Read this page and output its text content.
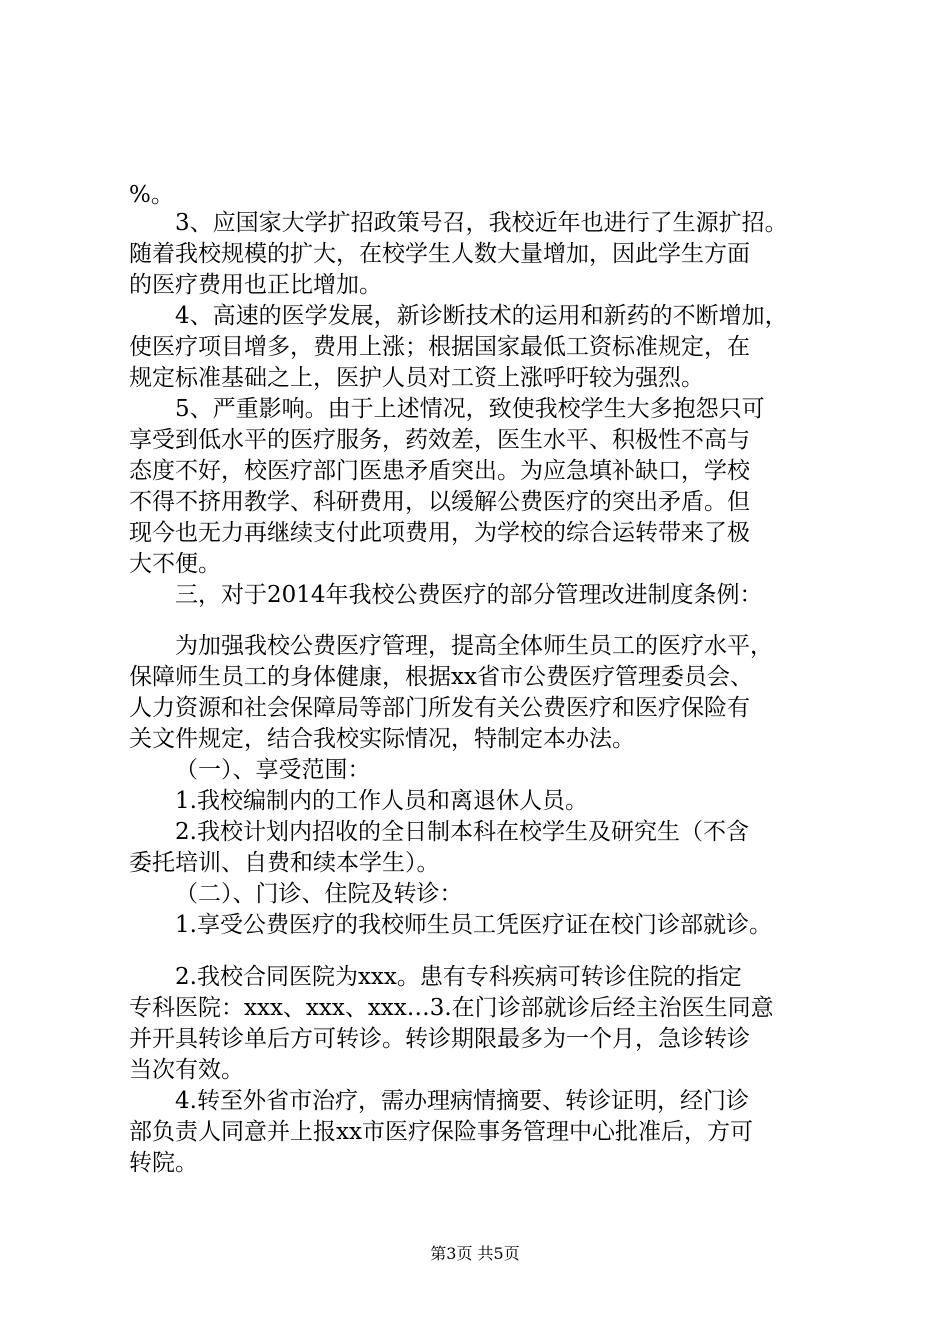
%。
3、应国家大学扩招政策号召，我校近年也进行了生源扩招。
随着我校规模的扩大，在校学生人数大量增加，因此学生方面
的医疗费用也正比增加。
4、高速的医学发展，新诊断技术的运用和新药的不断增加，
使医疗项目增多，费用上涨；根据国家最低工资标准规定，在
规定标准基础之上，医护人员对工资上涨呼吁较为强烈。
5、严重影响。由于上述情况，致使我校学生大多抱怨只可
享受到低水平的医疗服务，药效差，医生水平、积极性不高与
态度不好，校医疗部门医患矛盾突出。为应急填补缺口，学校
不得不挤用教学、科研费用，以缓解公费医疗的突出矛盾。但
现今也无力再继续支付此项费用，为学校的综合运转带来了极
大不便。
三，对于2014年我校公费医疗的部分管理改进制度条例：
为加强我校公费医疗管理，提高全体师生员工的医疗水平，
保障师生员工的身体健康，根据xx省市公费医疗管理委员会、
人力资源和社会保障局等部门所发有关公费医疗和医疗保险有
关文件规定，结合我校实际情况，特制定本办法。
（一）、享受范围：
1.我校编制内的工作人员和离退休人员。
2.我校计划内招收的全日制本科在校学生及研究生（不含
委托培训、自费和续本学生）。
（二）、门诊、住院及转诊：
1.享受公费医疗的我校师生员工凭医疗证在校门诊部就诊。
2.我校合同医院为xxx。患有专科疾病可转诊住院的指定
专科医院：xxx、xxx、xxx…3.在门诊部就诊后经主治医生同意
并开具转诊单后方可转诊。转诊期限最多为一个月，急诊转诊
当次有效。
4.转至外省市治疗，需办理病情摘要、转诊证明，经门诊
部负责人同意并上报xx市医疗保险事务管理中心批准后，方可
转院。
第3页 共5页
